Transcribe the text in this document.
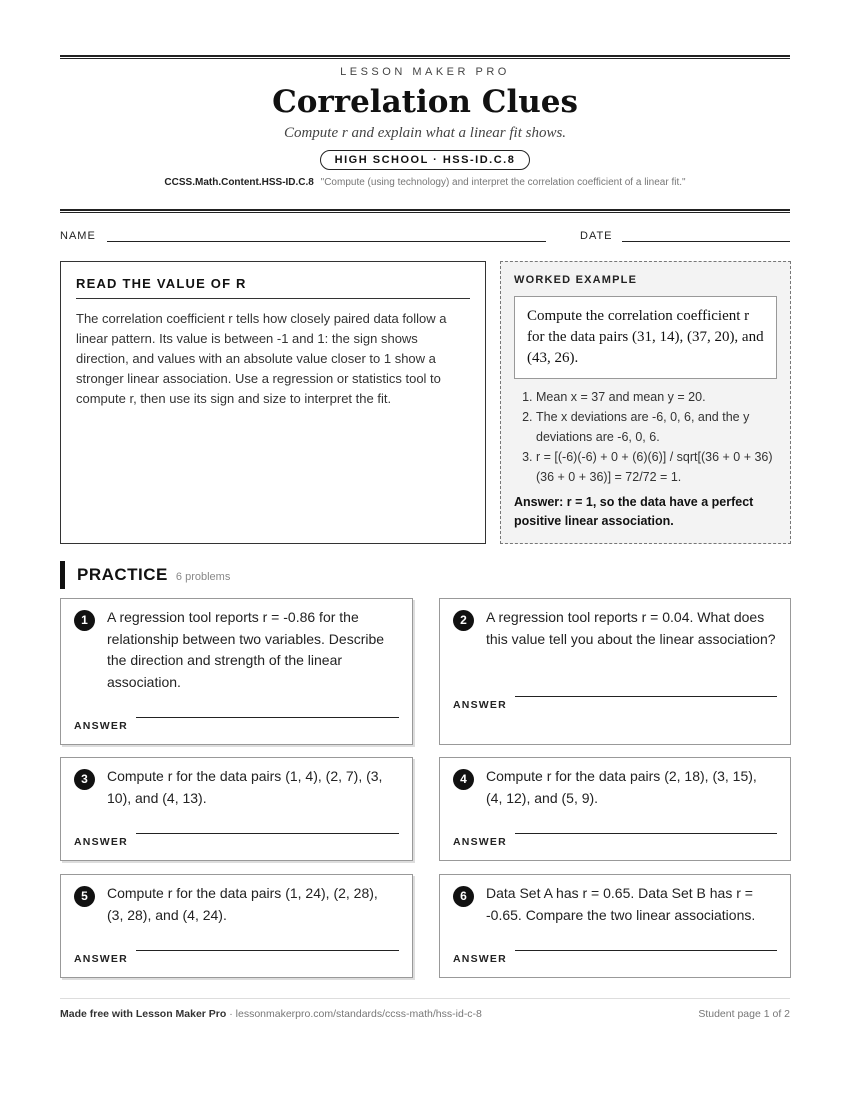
LESSON MAKER PRO
Correlation Clues
Compute r and explain what a linear fit shows.
HIGH SCHOOL · HSS-ID.C.8
CCSS.Math.Content.HSS-ID.C.8 "Compute (using technology) and interpret the correlation coefficient of a linear fit."
NAME	DATE
READ THE VALUE OF R
The correlation coefficient r tells how closely paired data follow a linear pattern. Its value is between -1 and 1: the sign shows direction, and values with an absolute value closer to 1 show a stronger linear association. Use a regression or statistics tool to compute r, then use its sign and size to interpret the fit.
WORKED EXAMPLE
Compute the correlation coefficient r for the data pairs (31, 14), (37, 20), and (43, 26).
1. Mean x = 37 and mean y = 20.
2. The x deviations are -6, 0, 6, and the y deviations are -6, 0, 6.
3. r = [(-6)(-6) + 0 + (6)(6)] / sqrt[(36 + 0 + 36)(36 + 0 + 36)] = 72/72 = 1.
Answer: r = 1, so the data have a perfect positive linear association.
PRACTICE 6 problems
1	A regression tool reports r = -0.86 for the relationship between two variables. Describe the direction and strength of the linear association.
ANSWER
2	A regression tool reports r = 0.04. What does this value tell you about the linear association?
ANSWER
3	Compute r for the data pairs (1, 4), (2, 7), (3, 10), and (4, 13).
ANSWER
4	Compute r for the data pairs (2, 18), (3, 15), (4, 12), and (5, 9).
ANSWER
5	Compute r for the data pairs (1, 24), (2, 28), (3, 28), and (4, 24).
ANSWER
6	Data Set A has r = 0.65. Data Set B has r = -0.65. Compare the two linear associations.
ANSWER
Made free with Lesson Maker Pro · lessonmakerpro.com/standards/ccss-math/hss-id-c-8	Student page 1 of 2
